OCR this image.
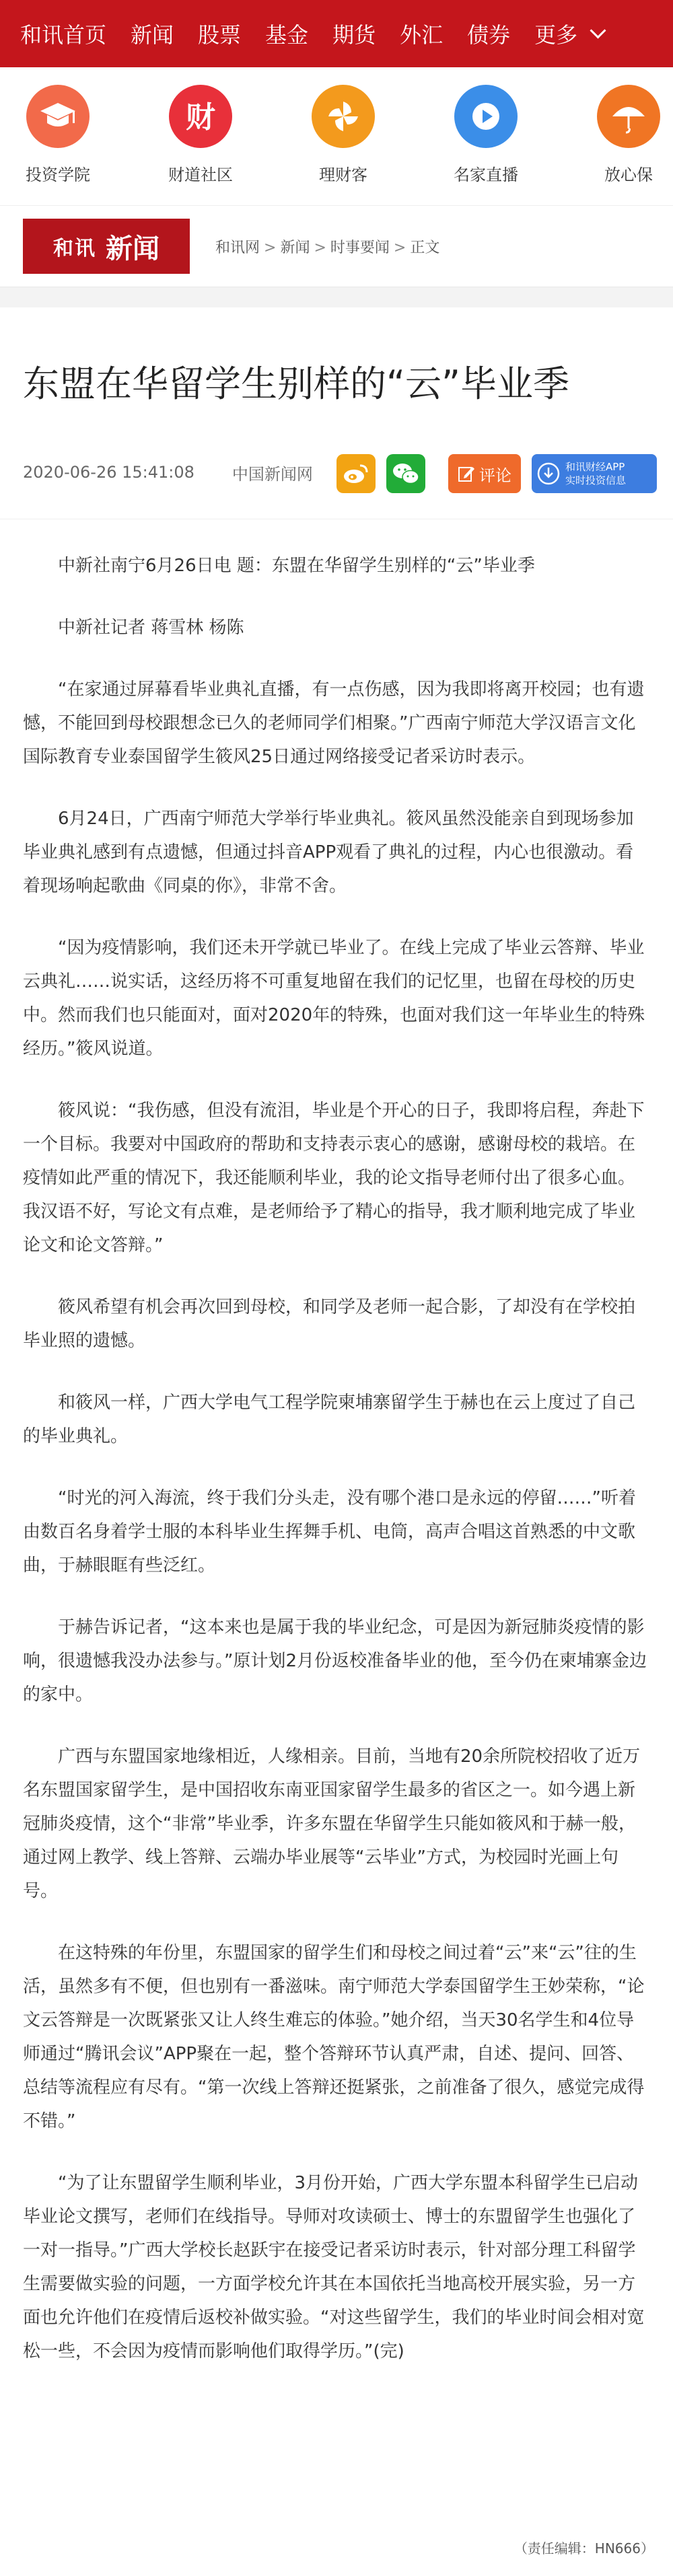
和讯首页 新闻 股票 基金 期货 外汇 债券 更多
投资学院
财
财道社区	理财客	名家直播	放心保
和讯 新闻	和讯网 > 新闻 > 时事要闻 > 正文
东盟在华留学生别样的“云”毕业季
2020-06-26 15:41:08 中国新闻网	评论	和讯财经APP
实时投资信息

中新社南宁6月26日电 题：东盟在华留学生别样的“云”毕业季

中新社记者 蒋雪林 杨陈

“在家通过屏幕看毕业典礼直播，有一点伤感，因为我即将离开校园；也有遗憾，不能回到母校跟想念已久的老师同学们相聚。”广西南宁师范大学汉语言文化国际教育专业泰国留学生筱风25日通过网络接受记者采访时表示。

6月24日，广西南宁师范大学举行毕业典礼。筱风虽然没能亲自到现场参加毕业典礼感到有点遗憾，但通过抖音APP观看了典礼的过程，内心也很激动。看着现场响起歌曲《同桌的你》，非常不舍。

“因为疫情影响，我们还未开学就已毕业了。在线上完成了毕业云答辩、毕业云典礼……说实话，这经历将不可重复地留在我们的记忆里，也留在母校的历史中。然而我们也只能面对，面对2020年的特殊，也面对我们这一年毕业生的特殊经历。”筱风说道。

筱风说：“我伤感，但没有流泪，毕业是个开心的日子，我即将启程，奔赴下一个目标。我要对中国政府的帮助和支持表示衷心的感谢，感谢母校的栽培。在疫情如此严重的情况下，我还能顺利毕业，我的论文指导老师付出了很多心血。我汉语不好，写论文有点难，是老师给予了精心的指导，我才顺利地完成了毕业论文和论文答辩。”

筱风希望有机会再次回到母校，和同学及老师一起合影，了却没有在学校拍毕业照的遗憾。

和筱风一样，广西大学电气工程学院柬埔寨留学生于赫也在云上度过了自己的毕业典礼。

“时光的河入海流，终于我们分头走，没有哪个港口是永远的停留……”听着由数百名身着学士服的本科毕业生挥舞手机、电筒，高声合唱这首熟悉的中文歌曲，于赫眼眶有些泛红。

于赫告诉记者，“这本来也是属于我的毕业纪念，可是因为新冠肺炎疫情的影响，很遗憾我没办法参与。”原计划2月份返校准备毕业的他，至今仍在柬埔寨金边的家中。

广西与东盟国家地缘相近，人缘相亲。目前，当地有20余所院校招收了近万名东盟国家留学生，是中国招收东南亚国家留学生最多的省区之一。如今遇上新冠肺炎疫情，这个“非常”毕业季，许多东盟在华留学生只能如筱风和于赫一般，通过网上教学、线上答辩、云端办毕业展等“云毕业”方式，为校园时光画上句号。

在这特殊的年份里，东盟国家的留学生们和母校之间过着“云”来“云”往的生活，虽然多有不便，但也别有一番滋味。南宁师范大学泰国留学生王妙荣称，“论文云答辩是一次既紧张又让人终生难忘的体验。”她介绍，当天30名学生和4位导师通过“腾讯会议”APP聚在一起，整个答辩环节认真严肃，自述、提问、回答、总结等流程应有尽有。“第一次线上答辩还挺紧张，之前准备了很久，感觉完成得不错。”

“为了让东盟留学生顺利毕业，3月份开始，广西大学东盟本科留学生已启动毕业论文撰写，老师们在线指导。导师对攻读硕士、博士的东盟留学生也强化了一对一指导。”广西大学校长赵跃宇在接受记者采访时表示，针对部分理工科留学生需要做实验的问题，一方面学校允许其在本国依托当地高校开展实验，另一方面也允许他们在疫情后返校补做实验。“对这些留学生，我们的毕业时间会相对宽松一些，不会因为疫情而影响他们取得学历。”(完)

（责任编辑：HN666）
